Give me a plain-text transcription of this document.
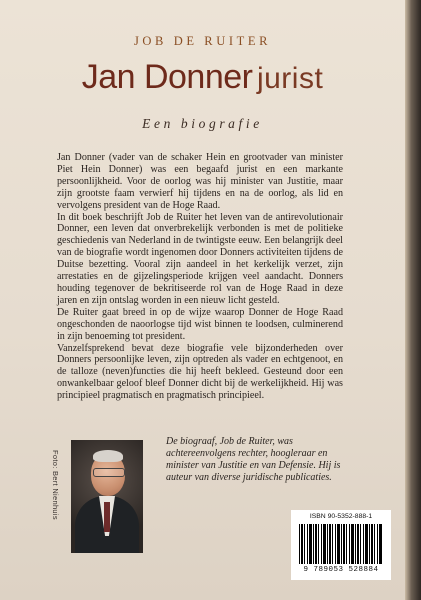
JOB DE RUITER
Jan Donner jurist
Een biografie

Jan Donner (vader van de schaker Hein en grootvader van minister Piet Hein Donner) was een begaafd jurist en een markante persoonlijkheid. Voor de oorlog was hij minister van Justitie, maar zijn grootste faam verwierf hij tijdens en na de oorlog, als lid en vervolgens president van de Hoge Raad.

In dit boek beschrijft Job de Ruiter het leven van de antirevolutionair Donner, een leven dat onverbrekelijk verbonden is met de politieke geschiedenis van Nederland in de twintigste eeuw. Een belangrijk deel van de biografie wordt ingenomen door Donners activiteiten tijdens de Duitse bezetting. Vooral zijn aandeel in het kerkelijk verzet, zijn arrestaties en de gijzelingsperiode krijgen veel aandacht. Donners houding tegenover de bekritiseerde rol van de Hoge Raad in deze jaren en zijn ontslag worden in een nieuw licht gesteld.

De Ruiter gaat breed in op de wijze waarop Donner de Hoge Raad ongeschonden de naoorlogse tijd wist binnen te loodsen, culminerend in zijn benoeming tot president.

Vanzelfsprekend bevat deze biografie vele bijzonderheden over Donners persoonlijke leven, zijn optreden als vader en echtgenoot, en de talloze (neven)functies die hij heeft bekleed. Gesteund door een onwankelbaar geloof bleef Donner dicht bij de werkelijkheid. Hij was principieel pragmatisch en pragmatisch principieel.

Foto: Bert Nienhuis
De biograaf, Job de Ruiter, was achtereenvolgens rechter, hoogleraar en minister van Justitie en van Defensie. Hij is auteur van diverse juridische publicaties.
ISBN 90-5352-888-1
9 789053 528884
